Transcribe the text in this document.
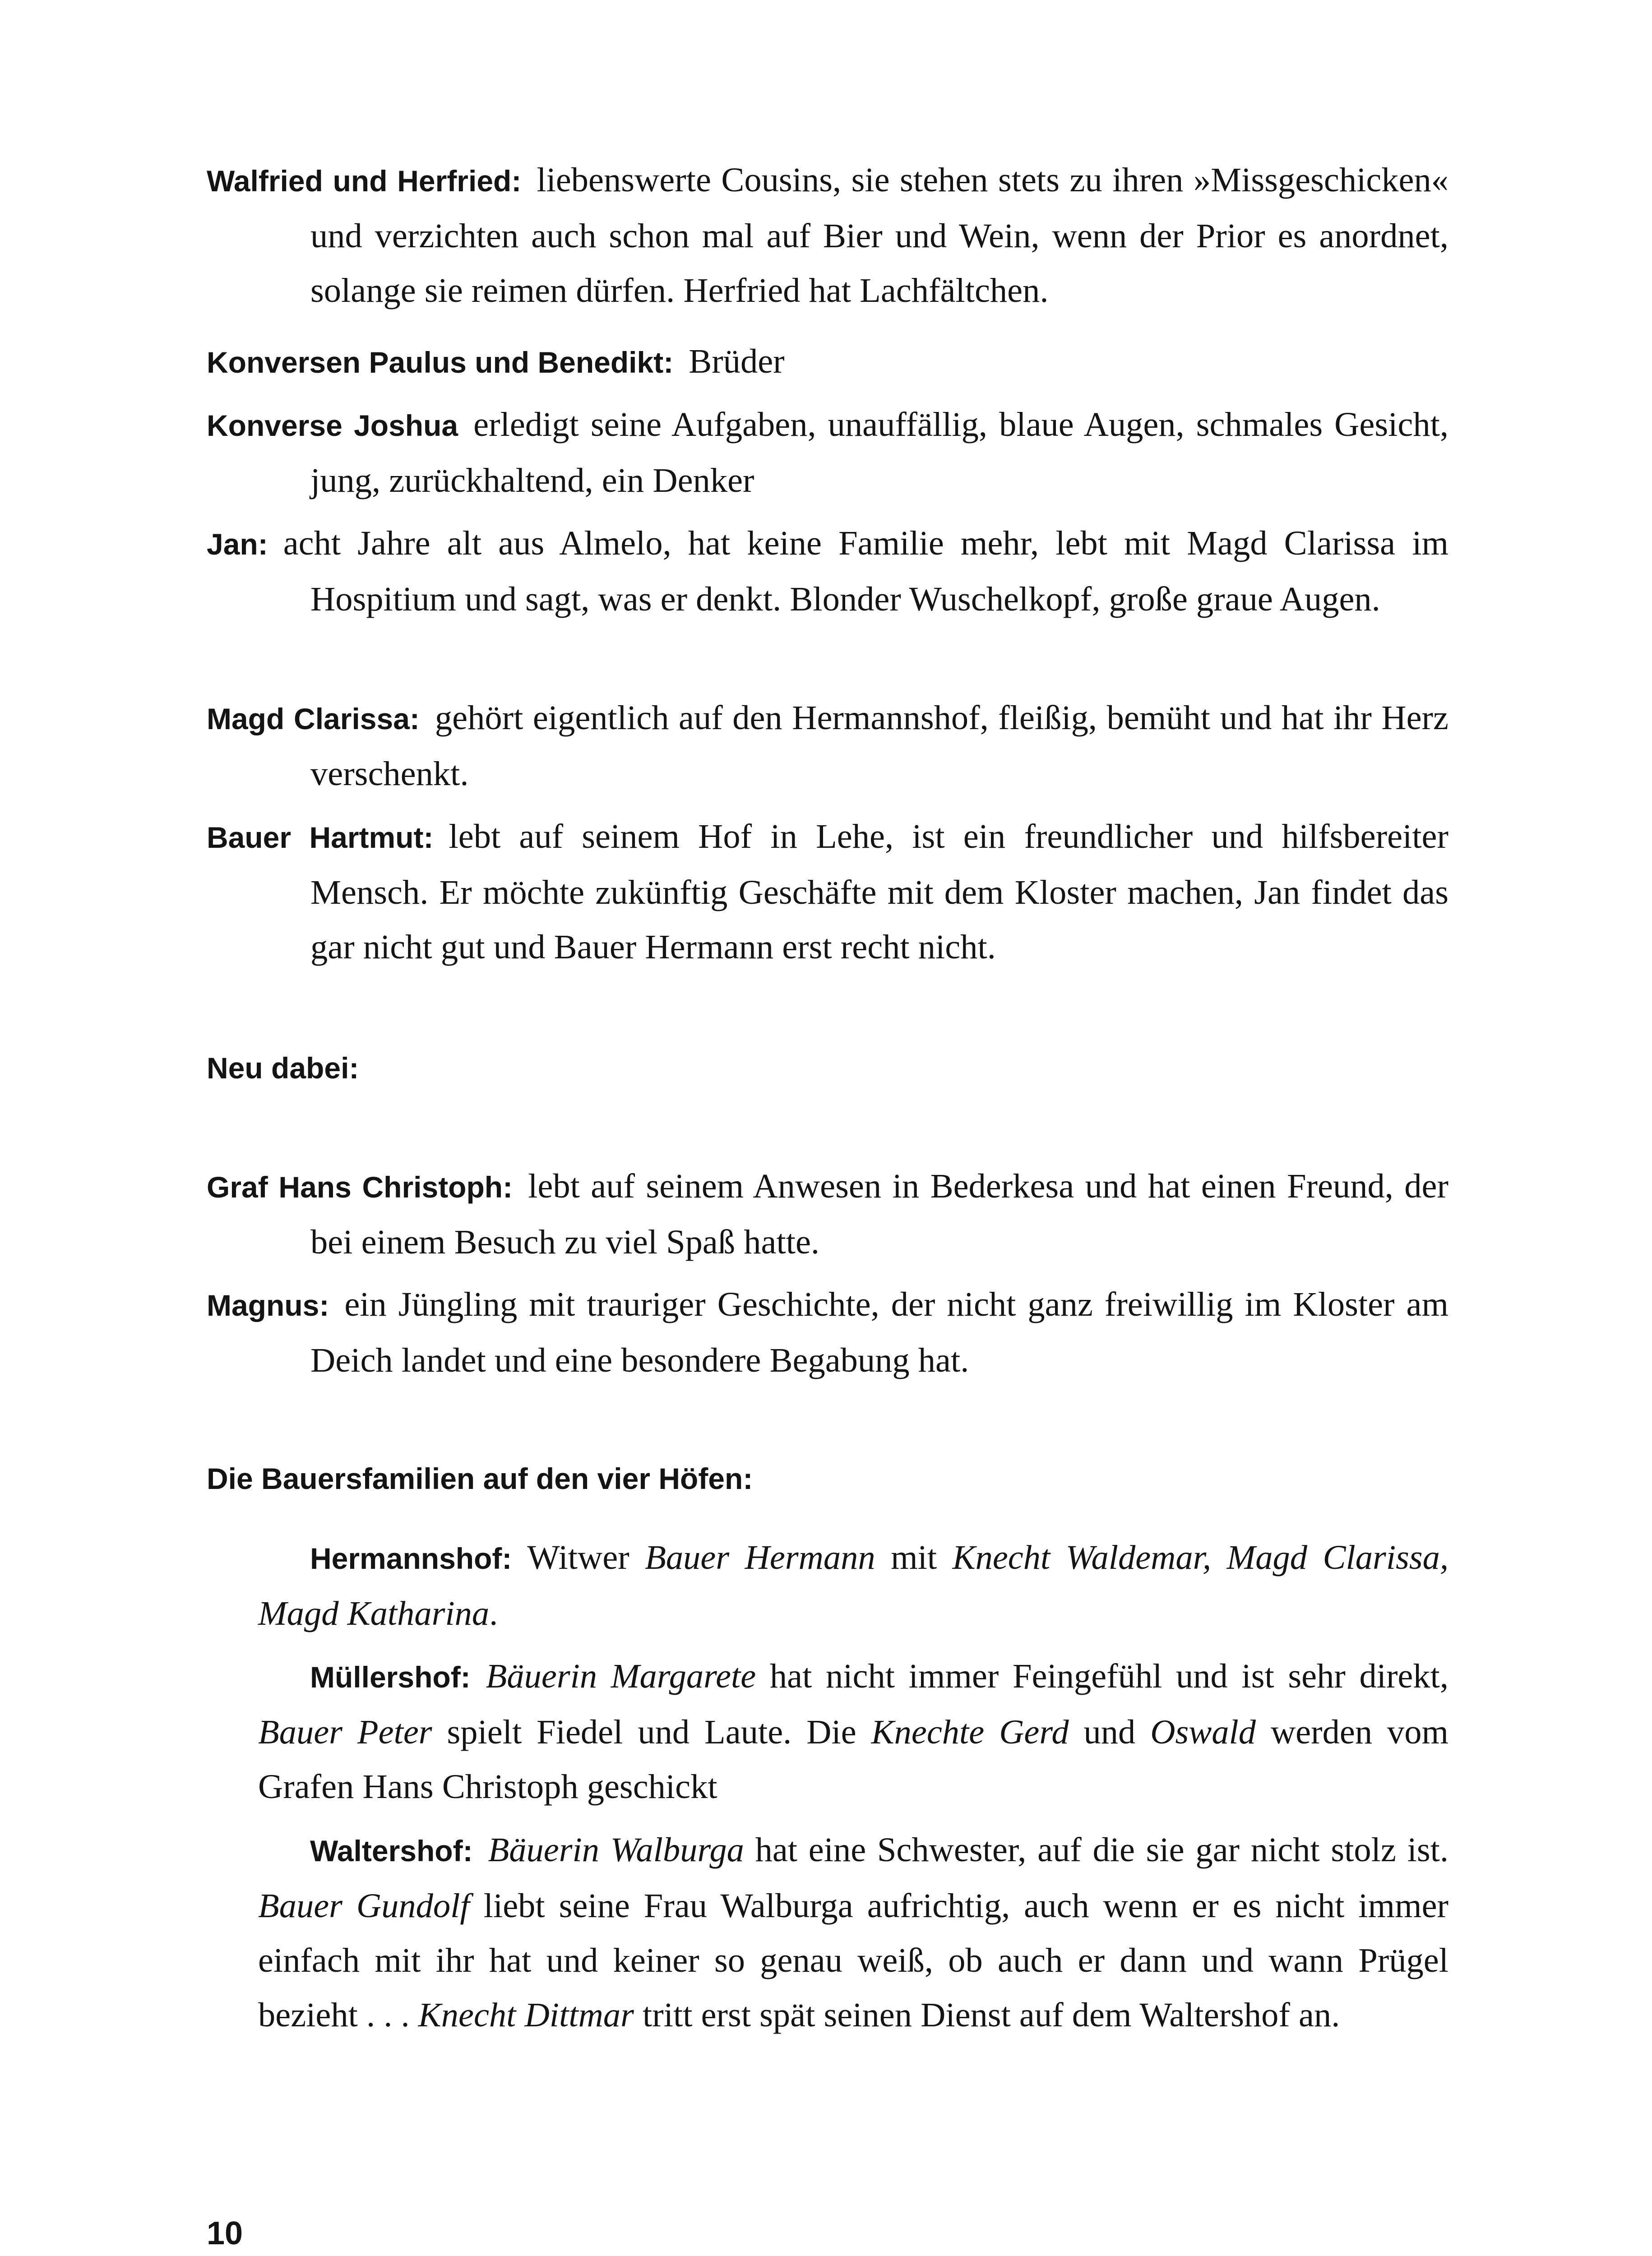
Walfried und Herfried: liebenswerte Cousins, sie stehen stets zu ihren »Missgeschicken« und verzichten auch schon mal auf Bier und Wein, wenn der Prior es anordnet, solange sie reimen dürfen. Herfried hat Lachfältchen.

Konversen Paulus und Benedikt: Brüder

Konverse Joshua erledigt seine Aufgaben, unauffällig, blaue Augen, schmales Gesicht, jung, zurückhaltend, ein Denker

Jan: acht Jahre alt aus Almelo, hat keine Familie mehr, lebt mit Magd Clarissa im Hospitium und sagt, was er denkt. Blonder Wuschelkopf, große graue Augen.

Magd Clarissa: gehört eigentlich auf den Hermannshof, fleißig, bemüht und hat ihr Herz verschenkt.

Bauer Hartmut: lebt auf seinem Hof in Lehe, ist ein freundlicher und hilfsbereiter Mensch. Er möchte zukünftig Geschäfte mit dem Kloster machen, Jan findet das gar nicht gut und Bauer Hermann erst recht nicht.

Neu dabei:

Graf Hans Christoph: lebt auf seinem Anwesen in Bederkesa und hat einen Freund, der bei einem Besuch zu viel Spaß hatte.

Magnus: ein Jüngling mit trauriger Geschichte, der nicht ganz freiwillig im Kloster am Deich landet und eine besondere Begabung hat.

Die Bauersfamilien auf den vier Höfen:

Hermannshof: Witwer Bauer Hermann mit Knecht Waldemar, Magd Clarissa, Magd Katharina.

Müllershof: Bäuerin Margarete hat nicht immer Feingefühl und ist sehr direkt, Bauer Peter spielt Fiedel und Laute. Die Knechte Gerd und Oswald werden vom Grafen Hans Christoph geschickt

Waltershof: Bäuerin Walburga hat eine Schwester, auf die sie gar nicht stolz ist. Bauer Gundolf liebt seine Frau Walburga aufrichtig, auch wenn er es nicht immer einfach mit ihr hat und keiner so genau weiß, ob auch er dann und wann Prügel bezieht . . . Knecht Dittmar tritt erst spät seinen Dienst auf dem Waltershof an.

10
